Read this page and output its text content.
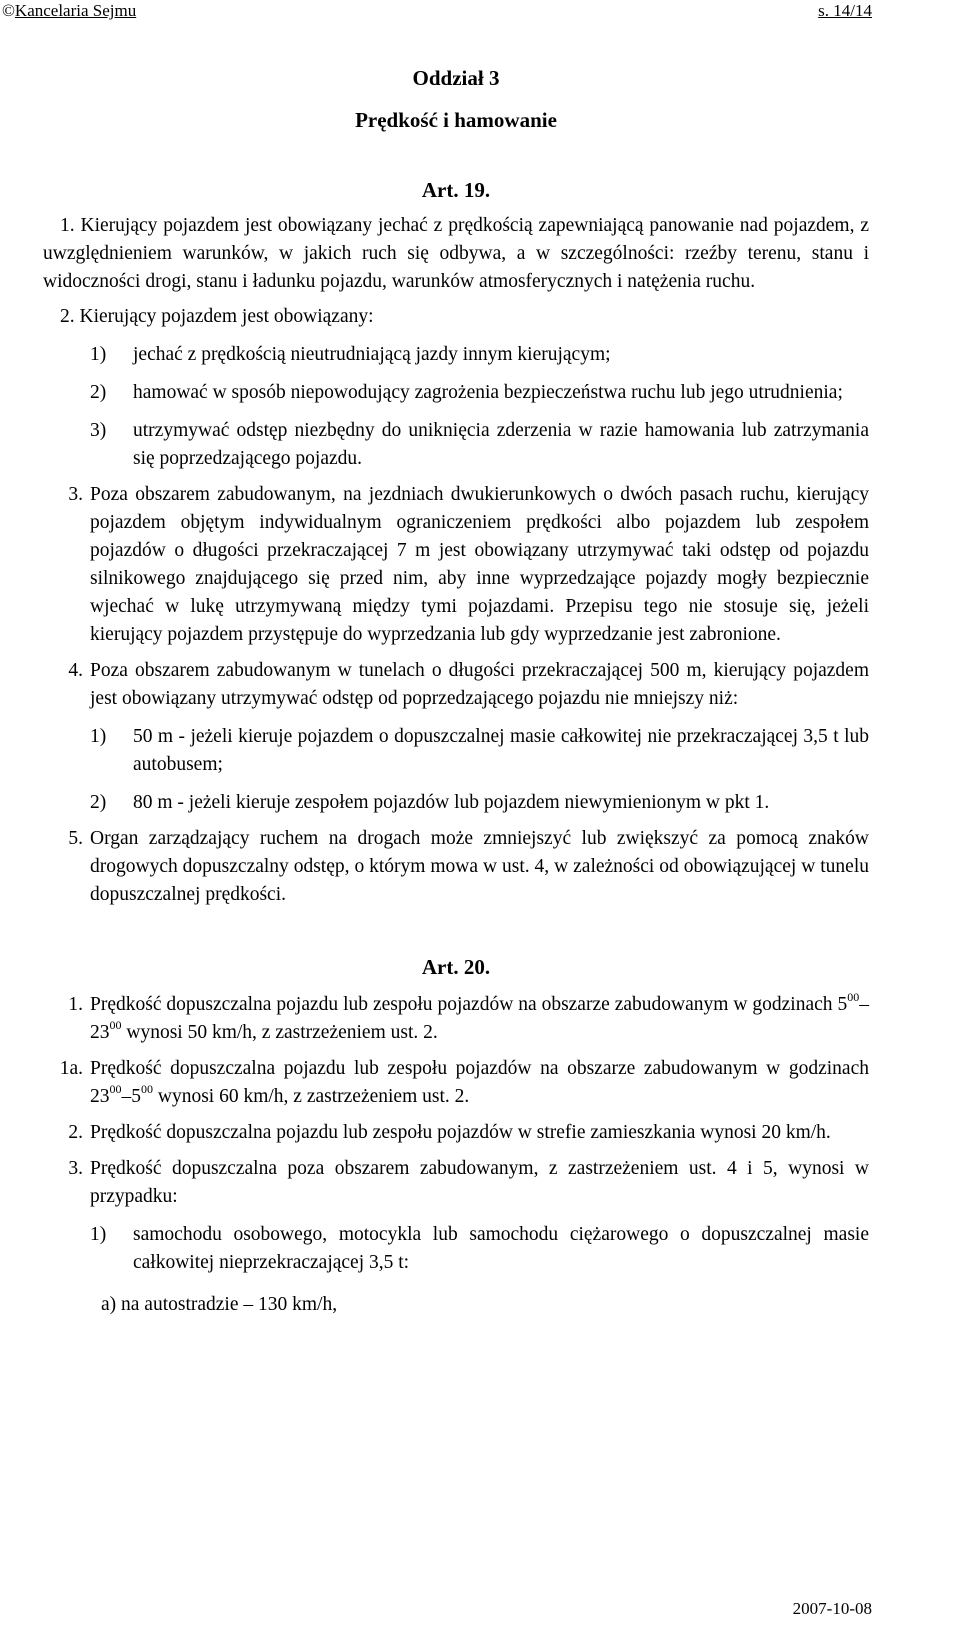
©Kancelaria Sejmu	s. 14/14
Oddział 3
Prędkość i hamowanie
Art. 19.
1. Kierujący pojazdem jest obowiązany jechać z prędkością zapewniającą panowanie nad pojazdem, z uwzględnieniem warunków, w jakich ruch się odbywa, a w szczególności: rzeźby terenu, stanu i widoczności drogi, stanu i ładunku pojazdu, warunków atmosferycznych i natężenia ruchu.
2. Kierujący pojazdem jest obowiązany:
1) jechać z prędkością nieutrudniającą jazdy innym kierującym;
2) hamować w sposób niepowodujący zagrożenia bezpieczeństwa ruchu lub jego utrudnienia;
3) utrzymywać odstęp niezbędny do uniknięcia zderzenia w razie hamowania lub zatrzymania się poprzedzającego pojazdu.
3. Poza obszarem zabudowanym, na jezdniach dwukierunkowych o dwóch pasach ruchu, kierujący pojazdem objętym indywidualnym ograniczeniem prędkości albo pojazdem lub zespołem pojazdów o długości przekraczającej 7 m jest obowiązany utrzymywać taki odstęp od pojazdu silnikowego znajdującego się przed nim, aby inne wyprzedzające pojazdy mogły bezpiecznie wjechać w lukę utrzymywaną między tymi pojazdami. Przepisu tego nie stosuje się, jeżeli kierujący pojazdem przystępuje do wyprzedzania lub gdy wyprzedzanie jest zabronione.
4. Poza obszarem zabudowanym w tunelach o długości przekraczającej 500 m, kierujący pojazdem jest obowiązany utrzymywać odstęp od poprzedzającego pojazdu nie mniejszy niż:
1) 50 m - jeżeli kieruje pojazdem o dopuszczalnej masie całkowitej nie przekraczającej 3,5 t lub autobusem;
2) 80 m - jeżeli kieruje zespołem pojazdów lub pojazdem niewymienionym w pkt 1.
5. Organ zarządzający ruchem na drogach może zmniejszyć lub zwiększyć za pomocą znaków drogowych dopuszczalny odstęp, o którym mowa w ust. 4, w zależności od obowiązującej w tunelu dopuszczalnej prędkości.
Art. 20.
1. Prędkość dopuszczalna pojazdu lub zespołu pojazdów na obszarze zabudowanym w godzinach $5^{00}-23^{00}$ wynosi 50 km/h, z zastrzeżeniem ust. 2.
1a. Prędkość dopuszczalna pojazdu lub zespołu pojazdów na obszarze zabudowanym w godzinach $23^{00}-5^{00}$ wynosi 60 km/h, z zastrzeżeniem ust. 2.
2. Prędkość dopuszczalna pojazdu lub zespołu pojazdów w strefie zamieszkania wynosi 20 km/h.
3. Prędkość dopuszczalna poza obszarem zabudowanym, z zastrzeżeniem ust. 4 i 5, wynosi w przypadku:
1) samochodu osobowego, motocykla lub samochodu ciężarowego o dopuszczalnej masie całkowitej nieprzekraczającej 3,5 t:
a) na autostradzie – 130 km/h,
2007-10-08
